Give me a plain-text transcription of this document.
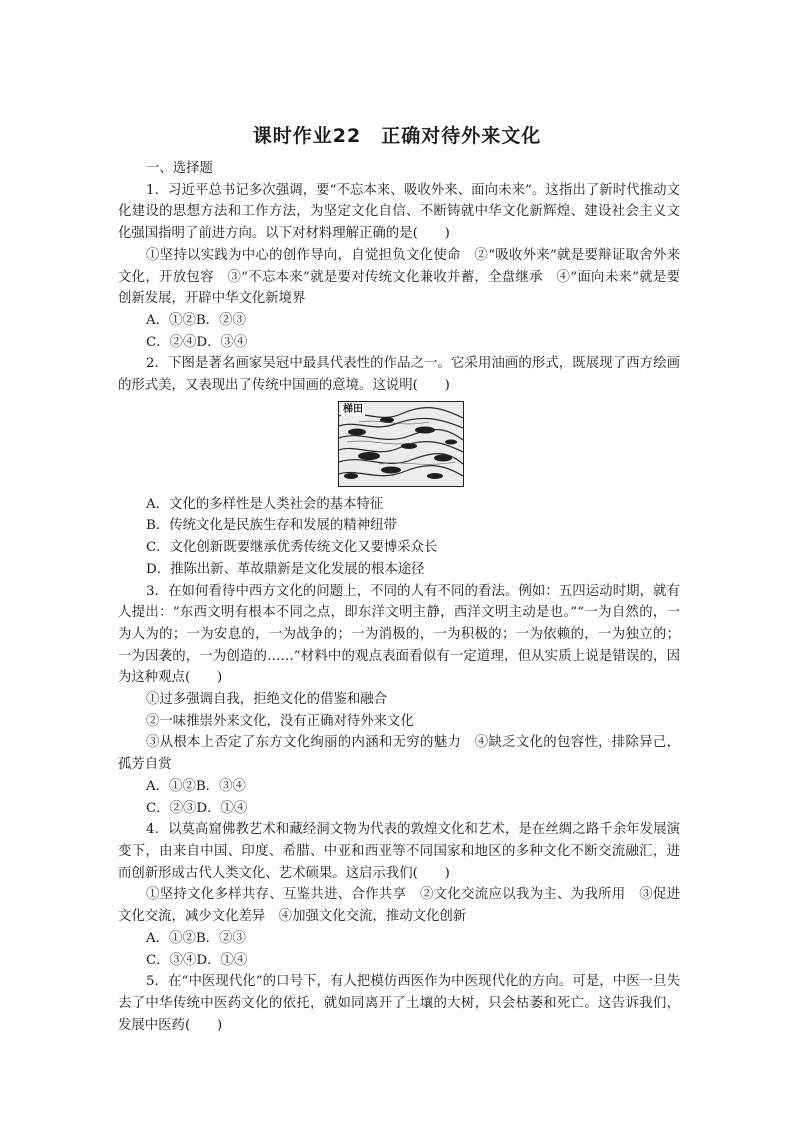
课时作业22　正确对待外来文化

一、选择题

1．习近平总书记多次强调，要“不忘本来、吸收外来、面向未来”。这指出了新时代推动文化建设的思想方法和工作方法，为坚定文化自信、不断铸就中华文化新辉煌、建设社会主义文化强国指明了前进方向。以下对材料理解正确的是(　　)

①坚持以实践为中心的创作导向，自觉担负文化使命　②“吸收外来”就是要辩证取舍外来文化，开放包容　③“不忘本来”就是要对传统文化兼收并蓄，全盘继承　④“面向未来”就是要创新发展，开辟中华文化新境界

A．①②B．②③

C．②④D．③④

2．下图是著名画家吴冠中最具代表性的作品之一。它采用油画的形式，既展现了西方绘画的形式美，又表现出了传统中国画的意境。这说明(　　)

梯田

A．文化的多样性是人类社会的基本特征

B．传统文化是民族生存和发展的精神纽带

C．文化创新既要继承优秀传统文化又要博采众长

D．推陈出新、革故鼎新是文化发展的根本途径

3．在如何看待中西方文化的问题上，不同的人有不同的看法。例如：五四运动时期，就有人提出：“东西文明有根本不同之点，即东洋文明主静，西洋文明主动是也。”“一为自然的，一为人为的；一为安息的，一为战争的；一为消极的，一为积极的；一为依赖的，一为独立的；一为因袭的，一为创造的……”材料中的观点表面看似有一定道理，但从实质上说是错误的，因为这种观点(　　)

①过多强调自我，拒绝文化的借鉴和融合

②一味推崇外来文化，没有正确对待外来文化

③从根本上否定了东方文化绚丽的内涵和无穷的魅力　④缺乏文化的包容性，排除异己，孤芳自赏

A．①②B．③④

C．②③D．①④

4．以莫高窟佛教艺术和藏经洞文物为代表的敦煌文化和艺术，是在丝绸之路千余年发展演变下，由来自中国、印度、希腊、中亚和西亚等不同国家和地区的多种文化不断交流融汇，进而创新形成古代人类文化、艺术硕果。这启示我们(　　)

①坚持文化多样共存、互鉴共进、合作共享　②文化交流应以我为主、为我所用　③促进文化交流，减少文化差异　④加强文化交流，推动文化创新

A．①②B．②③

C．③④D．①④

5．在“中医现代化”的口号下，有人把模仿西医作为中医现代化的方向。可是，中医一旦失去了中华传统中医药文化的依托，就如同离开了土壤的大树，只会枯萎和死亡。这告诉我们，发展中医药(　　)
